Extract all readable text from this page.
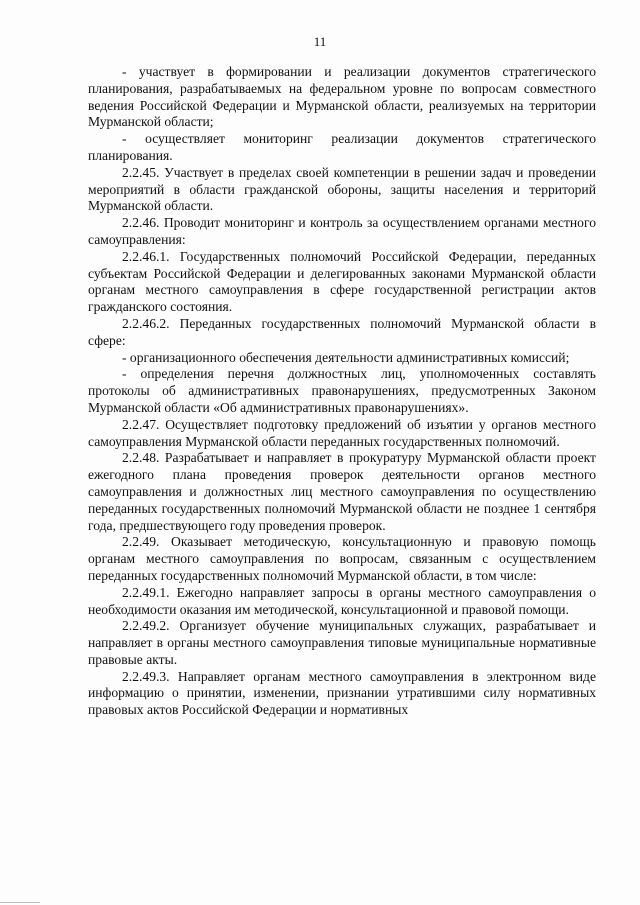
11

- участвует в формировании и реализации документов стратегического планирования, разрабатываемых на федеральном уровне по вопросам совместного ведения Российской Федерации и Мурманской области, реализуемых на территории Мурманской области;

- осуществляет мониторинг реализации документов стратегического планирования.

2.2.45. Участвует в пределах своей компетенции в решении задач и проведении мероприятий в области гражданской обороны, защиты населения и территорий Мурманской области.

2.2.46. Проводит мониторинг и контроль за осуществлением органами местного самоуправления:

2.2.46.1. Государственных полномочий Российской Федерации, переданных субъектам Российской Федерации и делегированных законами Мурманской области органам местного самоуправления в сфере государственной регистрации актов гражданского состояния.

2.2.46.2. Переданных государственных полномочий Мурманской области в сфере:

- организационного обеспечения деятельности административных комиссий;

- определения перечня должностных лиц, уполномоченных составлять протоколы об административных правонарушениях, предусмотренных Законом Мурманской области «Об административных правонарушениях».

2.2.47. Осуществляет подготовку предложений об изъятии у органов местного самоуправления Мурманской области переданных государственных полномочий.

2.2.48. Разрабатывает и направляет в прокуратуру Мурманской области проект ежегодного плана проведения проверок деятельности органов местного самоуправления и должностных лиц местного самоуправления по осуществлению переданных государственных полномочий Мурманской области не позднее 1 сентября года, предшествующего году проведения проверок.

2.2.49. Оказывает методическую, консультационную и правовую помощь органам местного самоуправления по вопросам, связанным с осуществлением переданных государственных полномочий Мурманской области, в том числе:

2.2.49.1. Ежегодно направляет запросы в органы местного самоуправления о необходимости оказания им методической, консультационной и правовой помощи.

2.2.49.2. Организует обучение муниципальных служащих, разрабатывает и направляет в органы местного самоуправления типовые муниципальные нормативные правовые акты.

2.2.49.3. Направляет органам местного самоуправления в электронном виде информацию о принятии, изменении, признании утратившими силу нормативных правовых актов Российской Федерации и нормативных
